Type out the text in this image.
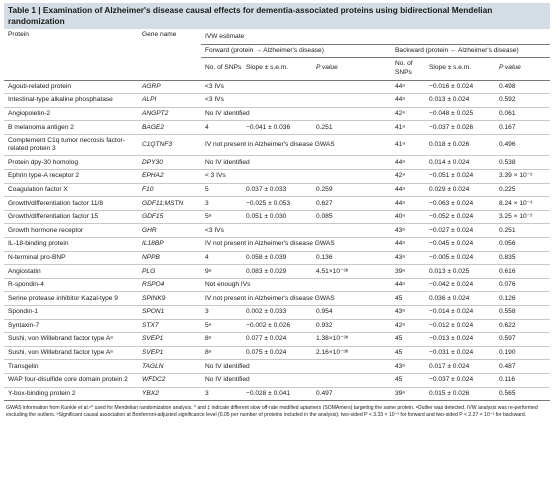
Table 1 | Examination of Alzheimer's disease causal effects for dementia-associated proteins using bidirectional Mendelian randomization
Protein	Gene name	IVW estimate					
		Forward (protein → Alzheimer's disease)			Backward (protein ← Alzheimer's disease)		
		No. of SNPs	Slope ± s.e.m.	P value	No. of SNPs	Slope ± s.e.m.	P value
Agouti-related protein	AGRP	<3 IVs			44ᵃ	−0.016 ± 0.024	0.498
Intestinal-type alkaline phosphatase	ALPI	<3 IVs			44ᵃ	0.013 ± 0.024	0.592
Angiopoietin-2	ANGPT2	No IV identified			42ᵃ	−0.048 ± 0.025	0.061
B melanoma antigen 2	BAGE2	4	−0.041 ± 0.036	0.251	41ᵃ	−0.037 ± 0.026	0.167
Complement C1q tumor necrosis factor-related protein 3	C1QTNF3	IV not present in Alzheimer's disease GWAS			41ᵃ	0.018 ± 0.026	0.496
Protein dpy-30 homolog	DPY30	No IV identified			44ᵃ	0.014 ± 0.024	0.538
Ephrin type-A receptor 2	EPHA2	< 3 IVs			42ᵃ	−0.051 ± 0.024	3.39 × 10⁻²
Coagulation factor X	F10	5	0.037 ± 0.033	0.259	44ᵃ	0.029 ± 0.024	0.225
Growth/differentiation factor 11/8	GDF11;MSTN	3	−0.025 ± 0.053	0.627	44ᵃ	−0.063 ± 0.024	8.24 × 10⁻³
Growth/differentiation factor 15	GDF15	5ᵃ	0.051 ± 0.030	0.085	40ᵃ	−0.052 ± 0.024	3.25 × 10⁻²
Growth hormone receptor	GHR	<3 IVs			43ᵃ	−0.027 ± 0.024	0.251
IL-18-binding protein	IL18BP	IV not present in Alzheimer's disease GWAS			44ᵃ	−0.045 ± 0.024	0.056
N-terminal pro-BNP	NPPB	4	0.058 ± 0.039	0.136	43ᵃ	−0.005 ± 0.024	0.835
Angiostatin	PLG	9ᵃ	0.083 ± 0.029	4.51×10⁻³ᵇ	39ᵃ	0.013 ± 0.025	0.616
R-spondin-4	RSPO4	Not enough IVs			44ᵃ	−0.042 ± 0.024	0.076
Serine protease inhibitor Kazal-type 9	SPINK9	IV not present in Alzheimer's disease GWAS			45	0.036 ± 0.024	0.126
Spondin-1	SPON1	3	0.002 ± 0.033	0.954	43ᵃ	−0.014 ± 0.024	0.558
Syntaxin-7	STX7	5ᵃ	−0.002 ± 0.026	0.932	42ᵃ	−0.012 ± 0.024	0.622
Sushi, von Willebrand factor type Aᵃ	SVEP1	8ᵃ	0.077 ± 0.024	1.38×10⁻³ᵇ	45	−0.013 ± 0.024	0.597
Sushi, von Willebrand factor type Aᵃ	SVEP1	8ᵃ	0.075 ± 0.024	2.16×10⁻³ᵇ	45	−0.031 ± 0.024	0.190
Transgelin	TAGLN	No IV identified			43ᵃ	0.017 ± 0.024	0.487
WAP four-disulfide core domain protein 2	WFDC2	No IV identified			45	−0.037 ± 0.024	0.116
Y-box-binding protein 2	YBX2	3	−0.028 ± 0.041	0.497	39ᵃ	0.015 ± 0.026	0.565
GWAS information from Kunkle et al.⁵⁰ used for Mendelian randomization analysis. * and ‡ indicate different slow off-rate modified aptamers (SOMAmers) targeting the same protein. ᵃOutlier was detected. IVW analysis was re-performed excluding the outliers. ᵇSignificant causal association at Bonferroni-adjusted significance level (0.05 per number of proteins included in the analysis): two-sided P < 3.33 × 10⁻³ for forward and two-sided P < 2.27 × 10⁻³ for backward.
